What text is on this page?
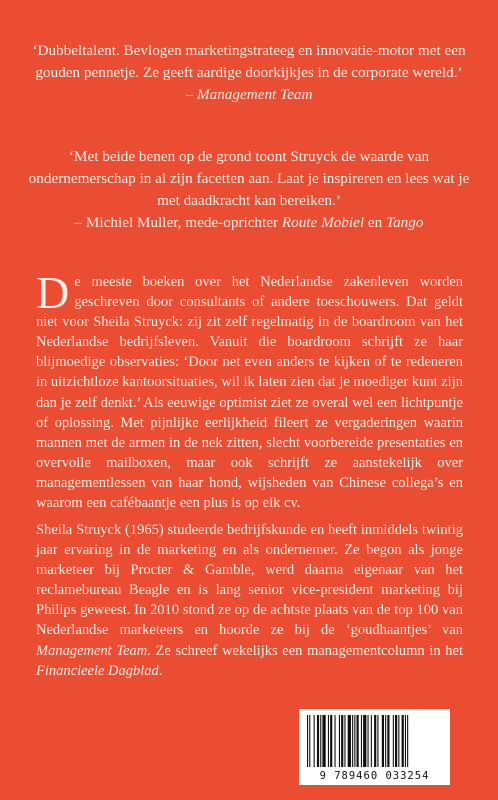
‘Dubbeltalent. Bevlogen marketingstrateeg en innovatie-motor met een gouden pennetje. Ze geeft aardige doorkijkjes in de corporate wereld.’

– Management Team

‘Met beide benen op de grond toont Struyck de waarde van ondernemerschap in al zijn facetten aan. Laat je inspireren en lees wat je met daadkracht kan bereiken.’

– Michiel Muller, mede-oprichter Route Mobiel en Tango

De meeste boeken over het Nederlandse zakenleven worden geschreven door consultants of andere toeschouwers. Dat geldt niet voor Sheila Struyck: zij zit zelf regelmatig in de boardroom van het Nederlandse bedrijfsleven. Vanuit die boardroom schrijft ze haar blijmoedige observaties: ‘Door net even anders te kijken of te redeneren in uitzichtloze kantoorsituaties, wil ik laten zien dat je moediger kunt zijn dan je zelf denkt.’ Als eeuwige optimist ziet ze overal wel een lichtpuntje of oplossing. Met pijnlijke eerlijkheid fileert ze vergaderingen waarin mannen met de armen in de nek zitten, slecht voorbereide presentaties en overvolle mailboxen, maar ook schrijft ze aanstekelijk over managementlessen van haar hond, wijsheden van Chinese collega’s en waarom een cafébaantje een plus is op elk cv.

Sheila Struyck (1965) studeerde bedrijfskunde en heeft inmiddels twintig jaar ervaring in de marketing en als ondernemer. Ze begon als jonge marketeer bij Procter & Gamble, werd daarna eigenaar van het reclamebureau Beagle en is lang senior vice-president marketing bij Philips geweest. In 2010 stond ze op de achtste plaats van de top 100 van Nederlandse marketeers en hoorde ze bij de ‘goudhaantjes’ van Management Team. Ze schreef wekelijks een managementcolumn in het Financieele Dagblad.

9 789460 033254
